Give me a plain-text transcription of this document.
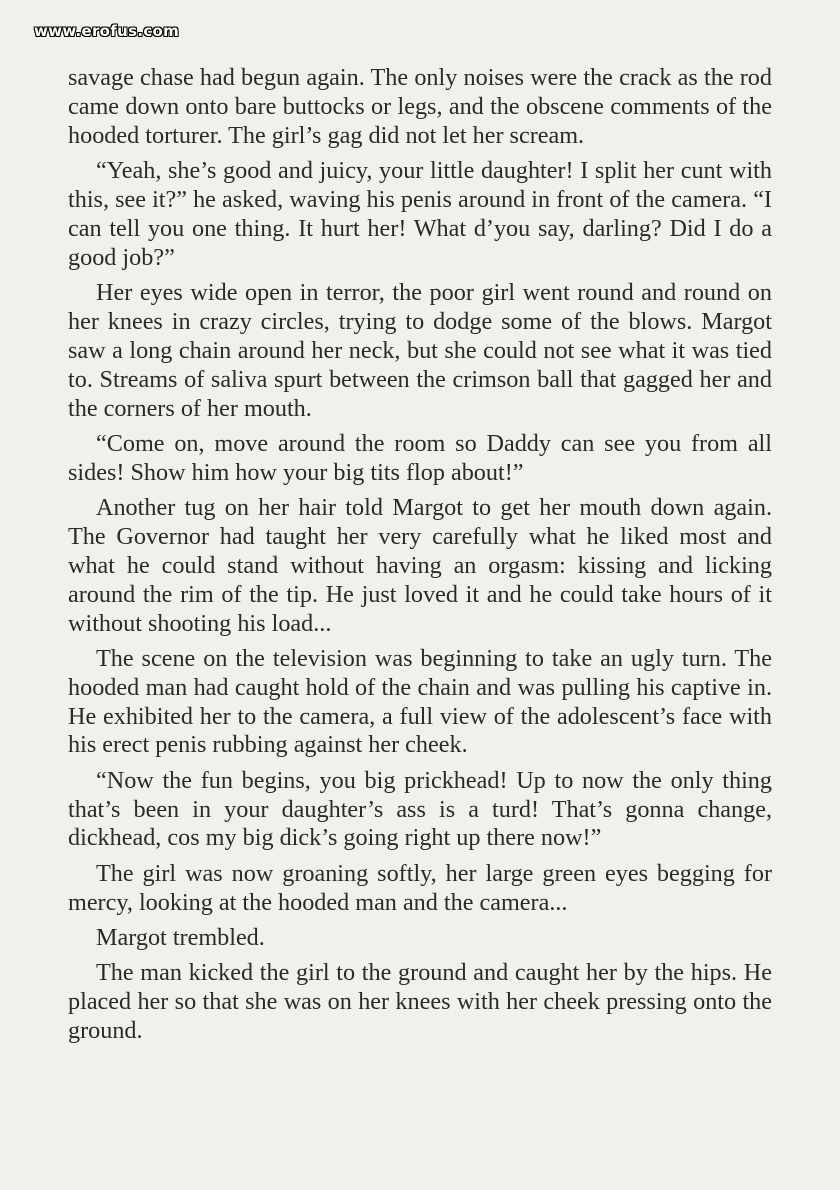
www.erofus.com

savage chase had begun again. The only noises were the crack as the rod came down onto bare buttocks or legs, and the obscene comments of the hooded torturer. The girl’s gag did not let her scream.

“Yeah, she’s good and juicy, your little daughter! I split her cunt with this, see it?” he asked, waving his penis around in front of the camera. “I can tell you one thing. It hurt her! What d’you say, darling? Did I do a good job?”

Her eyes wide open in terror, the poor girl went round and round on her knees in crazy circles, trying to dodge some of the blows. Margot saw a long chain around her neck, but she could not see what it was tied to. Streams of saliva spurt between the crimson ball that gagged her and the corners of her mouth.

“Come on, move around the room so Daddy can see you from all sides! Show him how your big tits flop about!”

Another tug on her hair told Margot to get her mouth down again. The Governor had taught her very carefully what he liked most and what he could stand without having an orgasm: kissing and licking around the rim of the tip. He just loved it and he could take hours of it without shooting his load...

The scene on the television was beginning to take an ugly turn. The hooded man had caught hold of the chain and was pulling his captive in. He exhibited her to the camera, a full view of the adolescent’s face with his erect penis rubbing against her cheek.

“Now the fun begins, you big prickhead! Up to now the only thing that’s been in your daughter’s ass is a turd! That’s gonna change, dickhead, cos my big dick’s going right up there now!”

The girl was now groaning softly, her large green eyes begging for mercy, looking at the hooded man and the camera...

Margot trembled.

The man kicked the girl to the ground and caught her by the hips. He placed her so that she was on her knees with her cheek pressing onto the ground.
